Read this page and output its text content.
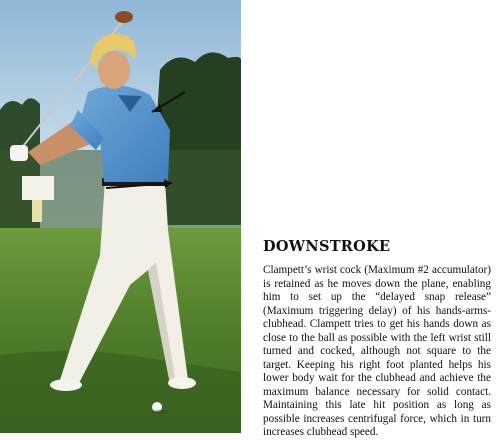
DOWNSTROKE
Clampett’s wrist cock (Maximum #2 accumulator) is retained as he moves down the plane, enabling him to set up the “delayed snap release” (Maximum triggering delay) of his hands-arms-clubhead. Clampett tries to get his hands down as close to the ball as possible with the left wrist still turned and cocked, although not square to the target. Keeping his right foot planted helps his lower body wait for the clubhead and achieve the maximum balance necessary for solid contact. Maintaining this late hit position as long as possible increases centrifugal force, which in turn increases clubhead speed.
